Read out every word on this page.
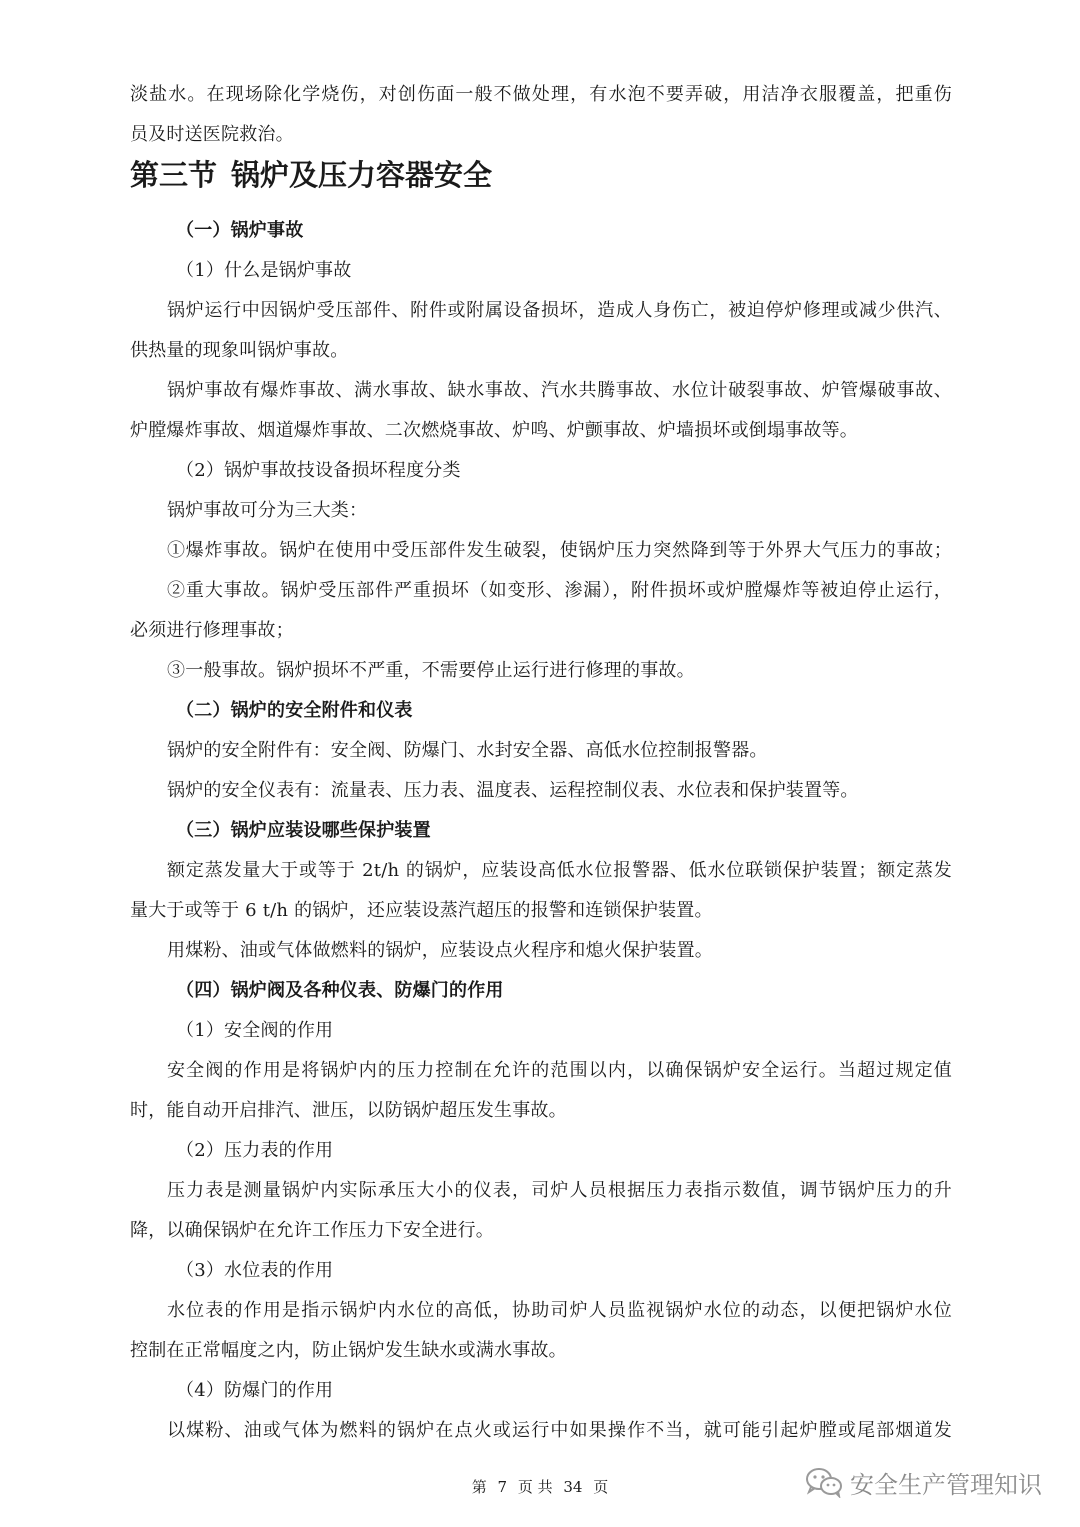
淡盐水。在现场除化学烧伤，对创伤面一般不做处理，有水泡不要弄破，用洁净衣服覆盖，把重伤
员及时送医院救治。
第三节 锅炉及压力容器安全
（一）锅炉事故
（1）什么是锅炉事故
锅炉运行中因锅炉受压部件、附件或附属设备损坏，造成人身伤亡，被迫停炉修理或减少供汽、
供热量的现象叫锅炉事故。
锅炉事故有爆炸事故、满水事故、缺水事故、汽水共腾事故、水位计破裂事故、炉管爆破事故、
炉膛爆炸事故、烟道爆炸事故、二次燃烧事故、炉鸣、炉颤事故、炉墙损坏或倒塌事故等。
（2）锅炉事故技设备损坏程度分类
锅炉事故可分为三大类：
①爆炸事故。锅炉在使用中受压部件发生破裂，使锅炉压力突然降到等于外界大气压力的事故；
②重大事故。锅炉受压部件严重损坏（如变形、渗漏），附件损坏或炉膛爆炸等被迫停止运行，
必须进行修理事故；
③一般事故。锅炉损坏不严重，不需要停止运行进行修理的事故。
（二）锅炉的安全附件和仪表
锅炉的安全附件有：安全阀、防爆门、水封安全器、高低水位控制报警器。
锅炉的安全仪表有：流量表、压力表、温度表、运程控制仪表、水位表和保护装置等。
（三）锅炉应装设哪些保护装置
额定蒸发量大于或等于 2t/h 的锅炉，应装设高低水位报警器、低水位联锁保护装置；额定蒸发
量大于或等于 6 t/h 的锅炉，还应装设蒸汽超压的报警和连锁保护装置。
用煤粉、油或气体做燃料的锅炉，应装设点火程序和熄火保护装置。
（四）锅炉阀及各种仪表、防爆门的作用
（1）安全阀的作用
安全阀的作用是将锅炉内的压力控制在允许的范围以内，以确保锅炉安全运行。当超过规定值
时，能自动开启排汽、泄压，以防锅炉超压发生事故。
（2）压力表的作用
压力表是测量锅炉内实际承压大小的仪表，司炉人员根据压力表指示数值，调节锅炉压力的升
降，以确保锅炉在允许工作压力下安全进行。
（3）水位表的作用
水位表的作用是指示锅炉内水位的高低，协助司炉人员监视锅炉水位的动态，以便把锅炉水位
控制在正常幅度之内，防止锅炉发生缺水或满水事故。
（4）防爆门的作用
以煤粉、油或气体为燃料的锅炉在点火或运行中如果操作不当，就可能引起炉膛或尾部烟道发
第 7 页 共 34 页	安全生产管理知识
